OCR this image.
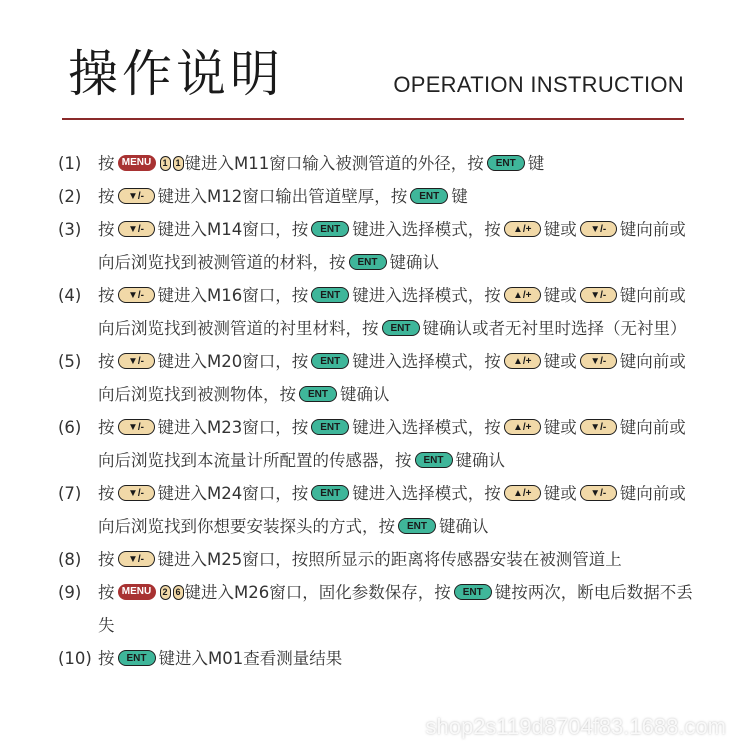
操作说明	OPERATION INSTRUCTION
(1)	按 MENU 1 1 键进入M11窗口输入被测管道的外径，按 ENT 键
(2)	按 ▼/- 键进入M12窗口输出管道壁厚，按 ENT 键
(3)	按 ▼/- 键进入M14窗口，按 ENT 键进入选择模式，按 ▲/+ 键或 ▼/- 键向前或向后浏览找到被测管道的材料，按 ENT 键确认
(4)	按 ▼/- 键进入M16窗口，按 ENT 键进入选择模式，按 ▲/+ 键或 ▼/- 键向前或向后浏览找到被测管道的衬里材料，按 ENT 键确认或者无衬里时选择（无衬里）
(5)	按 ▼/- 键进入M20窗口，按 ENT 键进入选择模式，按 ▲/+ 键或 ▼/- 键向前或向后浏览找到被测物体，按 ENT 键确认
(6)	按 ▼/- 键进入M23窗口，按 ENT 键进入选择模式，按 ▲/+ 键或 ▼/- 键向前或向后浏览找到本流量计所配置的传感器，按 ENT 键确认
(7)	按 ▼/- 键进入M24窗口，按 ENT 键进入选择模式，按 ▲/+ 键或 ▼/- 键向前或向后浏览找到你想要安装探头的方式，按 ENT 键确认
(8)	按 ▼/- 键进入M25窗口，按照所显示的距离将传感器安装在被测管道上
(9)	按 MENU 2 6 键进入M26窗口，固化参数保存，按 ENT 键按两次，断电后数据不丢失
(10) 按 ENT 键进入M01查看测量结果
shop2s119d8704f83.1688.com
